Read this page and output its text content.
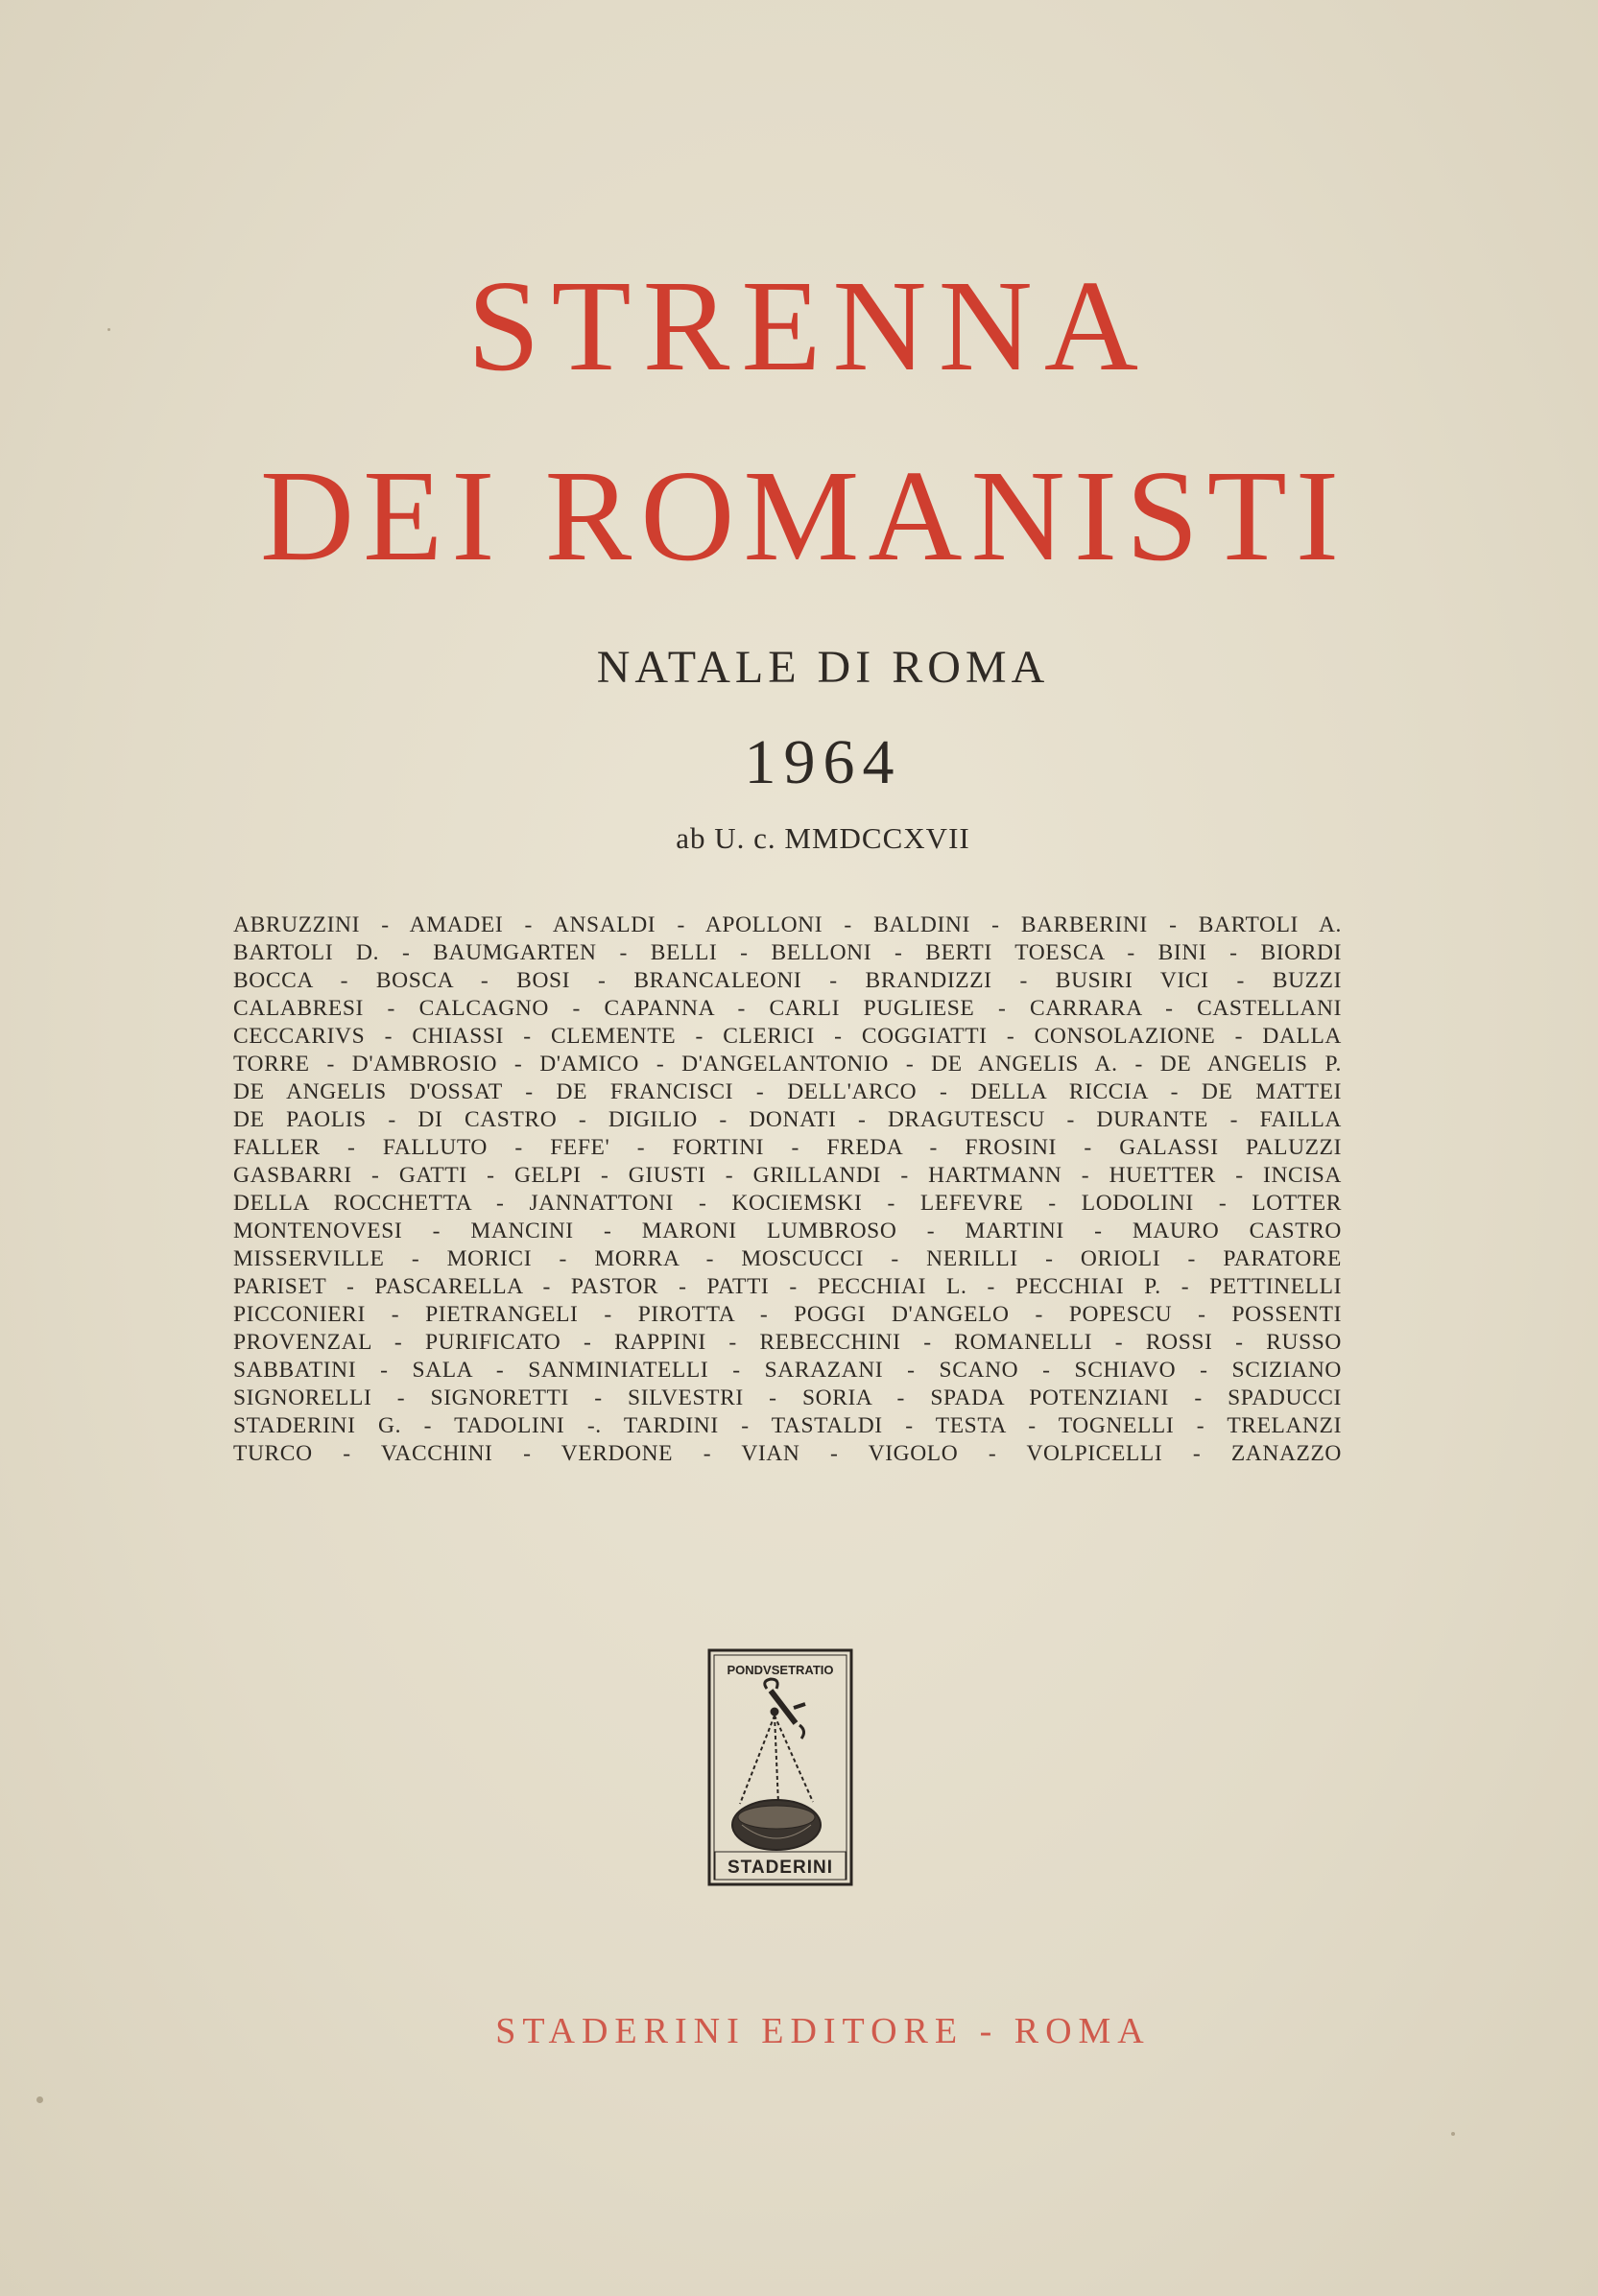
STRENNA
DEI ROMANISTI

NATALE DI ROMA

1964

ab U. c. MMDCCXVII

ABRUZZINI - AMADEI - ANSALDI - APOLLONI - BALDINI - BARBERINI - BARTOLI A.
BARTOLI D. - BAUMGARTEN - BELLI - BELLONI - BERTI TOESCA - BINI - BIORDI
BOCCA - BOSCA - BOSI - BRANCALEONI - BRANDIZZI - BUSIRI VICI - BUZZI
CALABRESI - CALCAGNO - CAPANNA - CARLI PUGLIESE - CARRARA - CASTELLANI
CECCARIVS - CHIASSI - CLEMENTE - CLERICI - COGGIATTI - CONSOLAZIONE - DALLA
TORRE - D'AMBROSIO - D'AMICO - D'ANGELANTONIO - DE ANGELIS A. - DE ANGELIS P.
DE ANGELIS D'OSSAT - DE FRANCISCI - DELL'ARCO - DELLA RICCIA - DE MATTEI
DE PAOLIS - DI CASTRO - DIGILIO - DONATI - DRAGUTESCU - DURANTE - FAILLA
FALLER - FALLUTO - FEFE' - FORTINI - FREDA - FROSINI - GALASSI PALUZZI
GASBARRI - GATTI - GELPI - GIUSTI - GRILLANDI - HARTMANN - HUETTER - INCISA
DELLA ROCCHETTA - JANNATTONI - KOCIEMSKI - LEFEVRE - LODOLINI - LOTTER
MONTENOVESI - MANCINI - MARONI LUMBROSO - MARTINI - MAURO CASTRO
MISSERVILLE - MORICI - MORRA - MOSCUCCI - NERILLI - ORIOLI - PARATORE
PARISET - PASCARELLA - PASTOR - PATTI - PECCHIAI L. - PECCHIAI P. - PETTINELLI
PICCONIERI - PIETRANGELI - PIROTTA - POGGI D'ANGELO - POPESCU - POSSENTI
PROVENZAL - PURIFICATO - RAPPINI - REBECCHINI - ROMANELLI - ROSSI - RUSSO
SABBATINI - SALA - SANMINIATELLI - SARAZANI - SCANO - SCHIAVO - SCIZIANO
SIGNORELLI - SIGNORETTI - SILVESTRI - SORIA - SPADA POTENZIANI - SPADUCCI
STADERINI G. - TADOLINI -. TARDINI - TASTALDI - TESTA - TOGNELLI - TRELANZI
TURCO - VACCHINI - VERDONE - VIAN - VIGOLO - VOLPICELLI - ZANAZZO
PONDVSETRATIO
STADERINI

STADERINI EDITORE - ROMA
